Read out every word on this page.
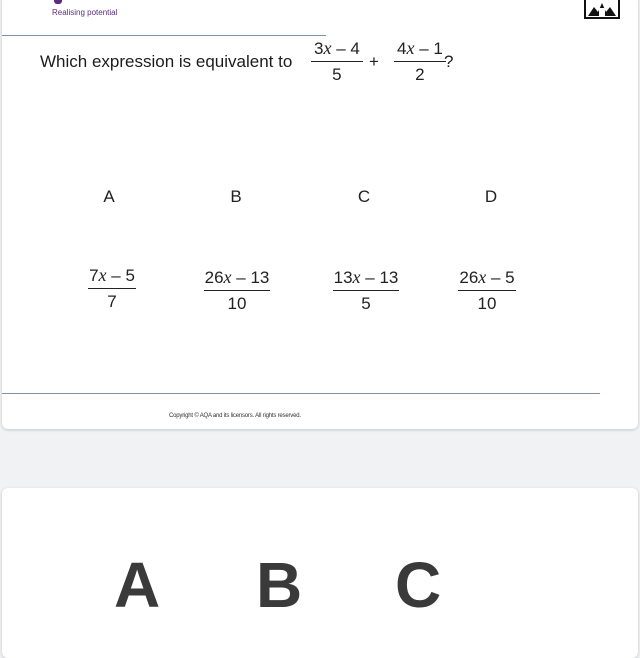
Realising potential
Which expression is equivalent to
3x – 4
5
+
4x – 1
2
?
A	B	C	D
7x – 5
7
26x – 13
10
13x – 13
5
26x – 5
10
Copyright © AQA and its licensors. All rights reserved.
A B C
